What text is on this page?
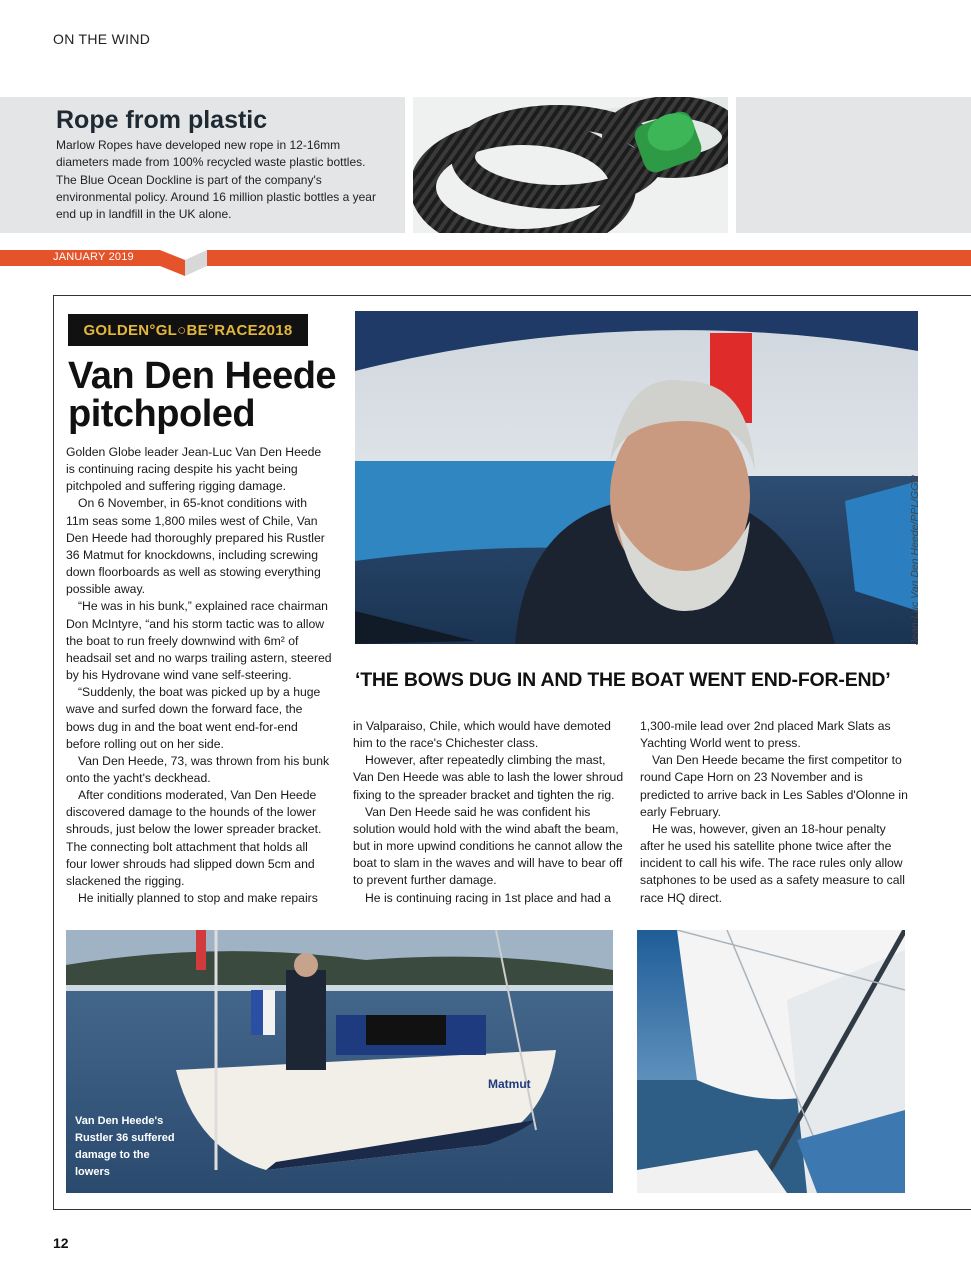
ON THE WIND
Rope from plastic
Marlow Ropes have developed new rope in 12-16mm diameters made from 100% recycled waste plastic bottles. The Blue Ocean Dockline is part of the company's environmental policy. Around 16 million plastic bottles a year end up in landfill in the UK alone.
JANUARY 2019
GOLDEN°GL○BE°RACE2018
Van Den Heede
pitchpoled

Golden Globe leader Jean-Luc Van Den Heede is continuing racing despite his yacht being pitchpoled and suffering rigging damage.

On 6 November, in 65-knot conditions with 11m seas some 1,800 miles west of Chile, Van Den Heede had thoroughly prepared his Rustler 36 Matmut for knockdowns, including screwing down floorboards as well as stowing everything possible away.

“He was in his bunk,” explained race chairman Don McIntyre, “and his storm tactic was to allow the boat to run freely downwind with 6m² of headsail set and no warps trailing astern, steered by his Hydrovane wind vane self-steering.

“Suddenly, the boat was picked up by a huge wave and surfed down the forward face, the bows dug in and the boat went end-for-end before rolling out on her side.

Van Den Heede, 73, was thrown from his bunk onto the yacht's deckhead.

After conditions moderated, Van Den Heede discovered damage to the hounds of the lower shrouds, just below the lower spreader bracket. The connecting bolt attachment that holds all four lower shrouds had slipped down 5cm and slackened the rigging.

He initially planned to stop and make repairs

Jean-Luc Van Den Heede/PPL/GGR
‘THE BOWS DUG IN AND THE BOAT WENT END-FOR-END’

in Valparaiso, Chile, which would have demoted him to the race's Chichester class.

However, after repeatedly climbing the mast, Van Den Heede was able to lash the lower shroud fixing to the spreader bracket and tighten the rig.

Van Den Heede said he was confident his solution would hold with the wind abaft the beam, but in more upwind conditions he cannot allow the boat to slam in the waves and will have to bear off to prevent further damage.

He is continuing racing in 1st place and had a

1,300-mile lead over 2nd placed Mark Slats as Yachting World went to press.

Van Den Heede became the first competitor to round Cape Horn on 23 November and is predicted to arrive back in Les Sables d'Olonne in early February.

He was, however, given an 18-hour penalty after he used his satellite phone twice after the incident to call his wife. The race rules only allow satphones to be used as a safety measure to call race HQ direct.

Matmut
Van Den Heede's Rustler 36 suffered damage to the lowers
12
